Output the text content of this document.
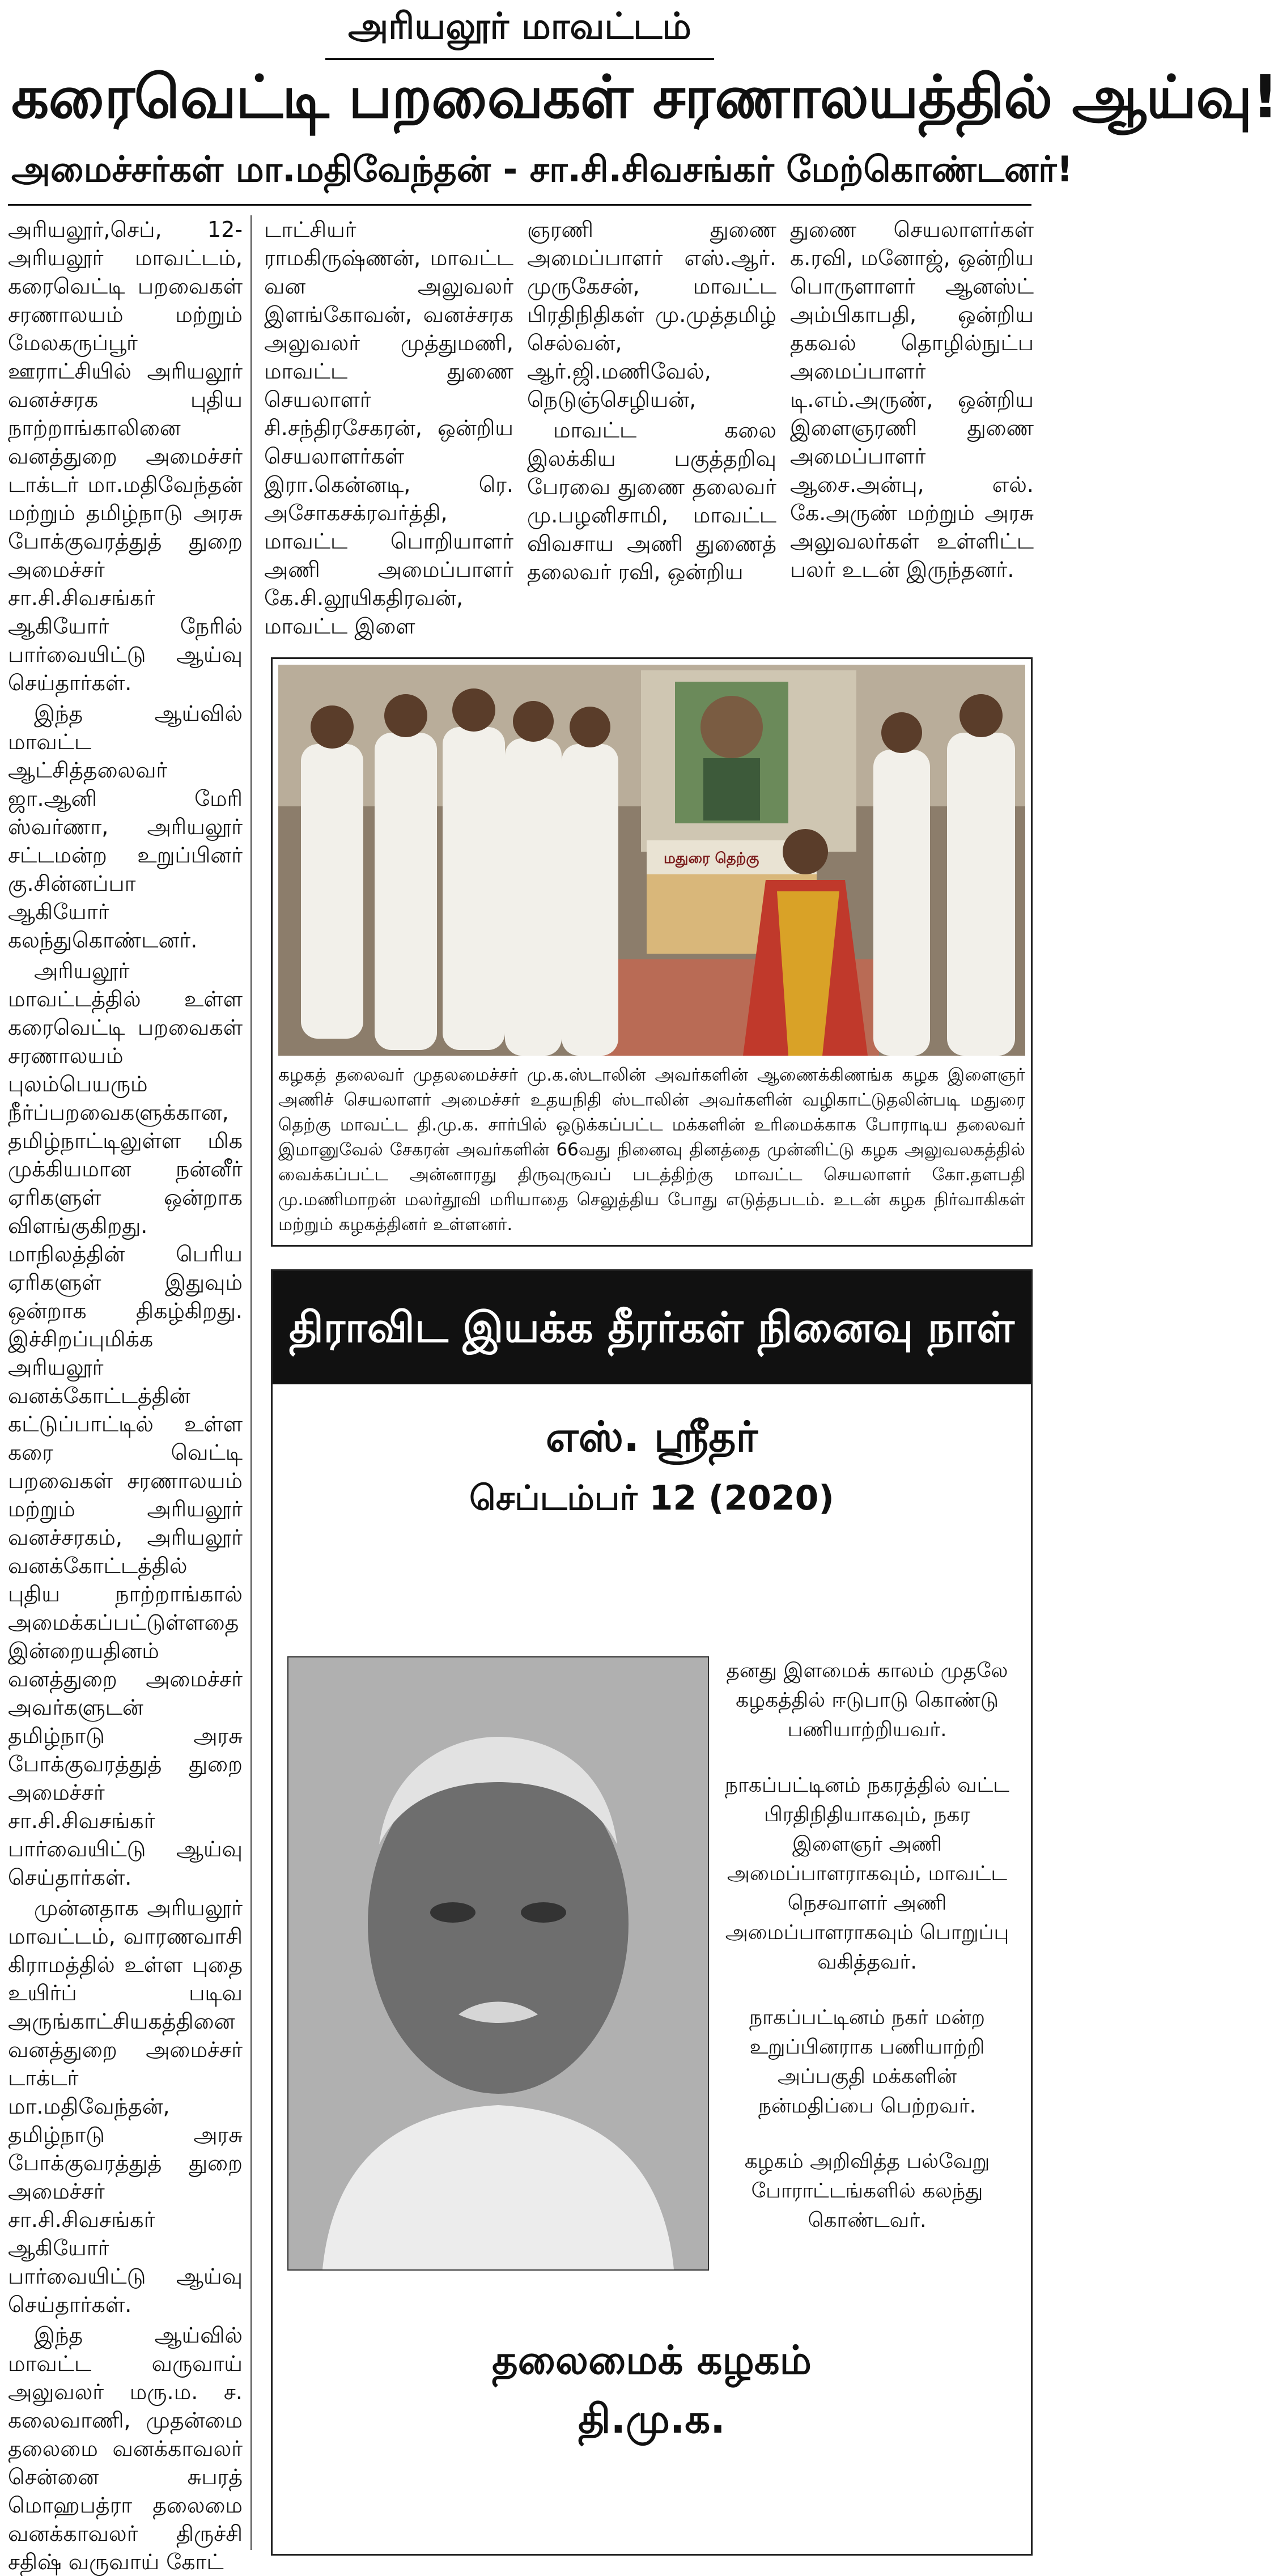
அரியலூர் மாவட்டம்
கரைவெட்டி பறவைகள் சரணாலயத்தில் ஆய்வு!
அமைச்சர்கள் மா.மதிவேந்தன் - சா.சி.சிவசங்கர் மேற்கொண்டனர்!

அரியலூர்,செப், 12- அரியலூர் மாவட்டம், கரைவெட்டி பறவைகள் சரணாலயம் மற்றும் மேலகருப்பூர் ஊராட்சியில் அரியலூர் வனச்சரக புதிய நாற்றாங்காலினை வனத்துறை அமைச்சர் டாக்டர் மா.மதிவேந்தன் மற்றும் தமிழ்நாடு அரசு போக்குவரத்துத் துறை அமைச்சர் சா.சி.சிவசங்கர் ஆகியோர் நேரில் பார்வையிட்டு ஆய்வு செய்தார்கள்.

இந்த ஆய்வில் மாவட்ட ஆட்சித்தலைவர் ஜா.ஆனி மேரி ஸ்வர்ணா, அரியலூர் சட்டமன்ற உறுப்பினர் கு.சின்னப்பா ஆகியோர் கலந்துகொண்டனர்.

அரியலூர் மாவட்டத்தில் உள்ள கரைவெட்டி பறவைகள் சரணாலயம் புலம்பெயரும் நீர்ப்பறவைகளுக்கான, தமிழ்நாட்டிலுள்ள மிக முக்கியமான நன்னீர் ஏரிகளுள் ஒன்றாக விளங்குகிறது. மாநிலத்தின் பெரிய ஏரிகளுள் இதுவும் ஒன்றாக திகழ்கிறது. இச்சிறப்புமிக்க அரியலூர் வனக்கோட்டத்தின் கட்டுப்பாட்டில் உள்ள கரை வெட்டி பறவைகள் சரணாலயம் மற்றும் அரியலூர் வனச்சரகம், அரியலூர் வனக்கோட்டத்தில் புதிய நாற்றாங்கால் அமைக்கப்பட்டுள்ளதை இன்றையதினம் வனத்துறை அமைச்சர் அவர்களுடன் தமிழ்நாடு அரசு போக்குவரத்துத் துறை அமைச்சர் சா.சி.சிவசங்கர் பார்வையிட்டு ஆய்வு செய்தார்கள்.

முன்னதாக அரியலூர் மாவட்டம், வாரணவாசி கிராமத்தில் உள்ள புதை உயிர்ப் படிவ அருங்காட்சியகத்தினை வனத்துறை அமைச்சர் டாக்டர் மா.மதிவேந்தன், தமிழ்நாடு அரசு போக்குவரத்துத் துறை அமைச்சர் சா.சி.சிவசங்கர் ஆகியோர் பார்வையிட்டு ஆய்வு செய்தார்கள்.

இந்த ஆய்வில் மாவட்ட வருவாய் அலுவலர் மரு.ம. ச. கலைவாணி, முதன்மை தலைமை வனக்காவலர் சென்னை சுபரத் மொஹபத்ரா தலைமை வனக்காவலர் திருச்சி சதிஷ் வருவாய் கோட்

டாட்சியர் ராமகிருஷ்ணன், மாவட்ட வன அலுவலர் இளங்கோவன், வனச்சரக அலுவலர் முத்துமணி, மாவட்ட துணை செயலாளர் சி.சந்திரசேகரன், ஒன்றிய செயலாளர்கள் இரா.கென்னடி, ரெ. அசோகசக்ரவர்த்தி, மாவட்ட பொறியாளர் அணி அமைப்பாளர் கே.சி.லூயிகதிரவன், மாவட்ட இளை

ஞரணி துணை அமைப்பாளர் எஸ்.ஆர். முருகேசன், மாவட்ட பிரதிநிதிகள் மு.முத்தமிழ் செல்வன், ஆர்.ஜி.மணிவேல், நெடுஞ்செழியன்,

மாவட்ட கலை இலக்கிய பகுத்தறிவு பேரவை துணை தலைவர் மு.பழனிசாமி, மாவட்ட விவசாய அணி துணைத் தலைவர் ரவி, ஒன்றிய

துணை செயலாளர்கள் க.ரவி, மனோஜ், ஒன்றிய பொருளாளர் ஆனஸ்ட் அம்பிகாபதி, ஒன்றிய தகவல் தொழில்நுட்ப அமைப்பாளர் டி.எம்.அருண், ஒன்றிய இளைஞரணி துணை அமைப்பாளர் ஆசை.அன்பு, எல். கே.அருண் மற்றும் அரசு அலுவலர்கள் உள்ளிட்ட பலர் உடன் இருந்தனர்.

மதுரை தெற்கு
கழகத் தலைவர் முதலமைச்சர் மு.க.ஸ்டாலின் அவர்களின் ஆணைக்கிணங்க கழக இளைஞர் அணிச் செயலாளர் அமைச்சர் உதயநிதி ஸ்டாலின் அவர்களின் வழிகாட்டுதலின்படி மதுரை தெற்கு மாவட்ட தி.மு.க. சார்பில் ஒடுக்கப்பட்ட மக்களின் உரிமைக்காக போராடிய தலைவர் இமானுவேல் சேகரன் அவர்களின் 66வது நினைவு தினத்தை முன்னிட்டு கழக அலுவலகத்தில் வைக்கப்பட்ட அன்னாரது திருவுருவப் படத்திற்கு மாவட்ட செயலாளர் கோ.தளபதி மு.மணிமாறன் மலர்தூவி மரியாதை செலுத்திய போது எடுத்தபடம். உடன் கழக நிர்வாகிகள் மற்றும் கழகத்தினர் உள்ளனர்.
திராவிட இயக்க தீரர்கள் நினைவு நாள்
எஸ். ஸ்ரீதர்
செப்டம்பர் 12 (2020)

தனது இளமைக் காலம் முதலே கழகத்தில் ஈடுபாடு கொண்டு பணியாற்றியவர்.

நாகப்பட்டினம் நகரத்தில் வட்ட பிரதிநிதியாகவும், நகர இளைஞர் அணி அமைப்பாளராகவும், மாவட்ட நெசவாளர் அணி அமைப்பாளராகவும் பொறுப்பு வகித்தவர்.

நாகப்பட்டினம் நகர் மன்ற உறுப்பினராக பணியாற்றி அப்பகுதி மக்களின் நன்மதிப்பை பெற்றவர்.

கழகம் அறிவித்த பல்வேறு போராட்டங்களில் கலந்து கொண்டவர்.

தலைமைக் கழகம்
தி.மு.க.
